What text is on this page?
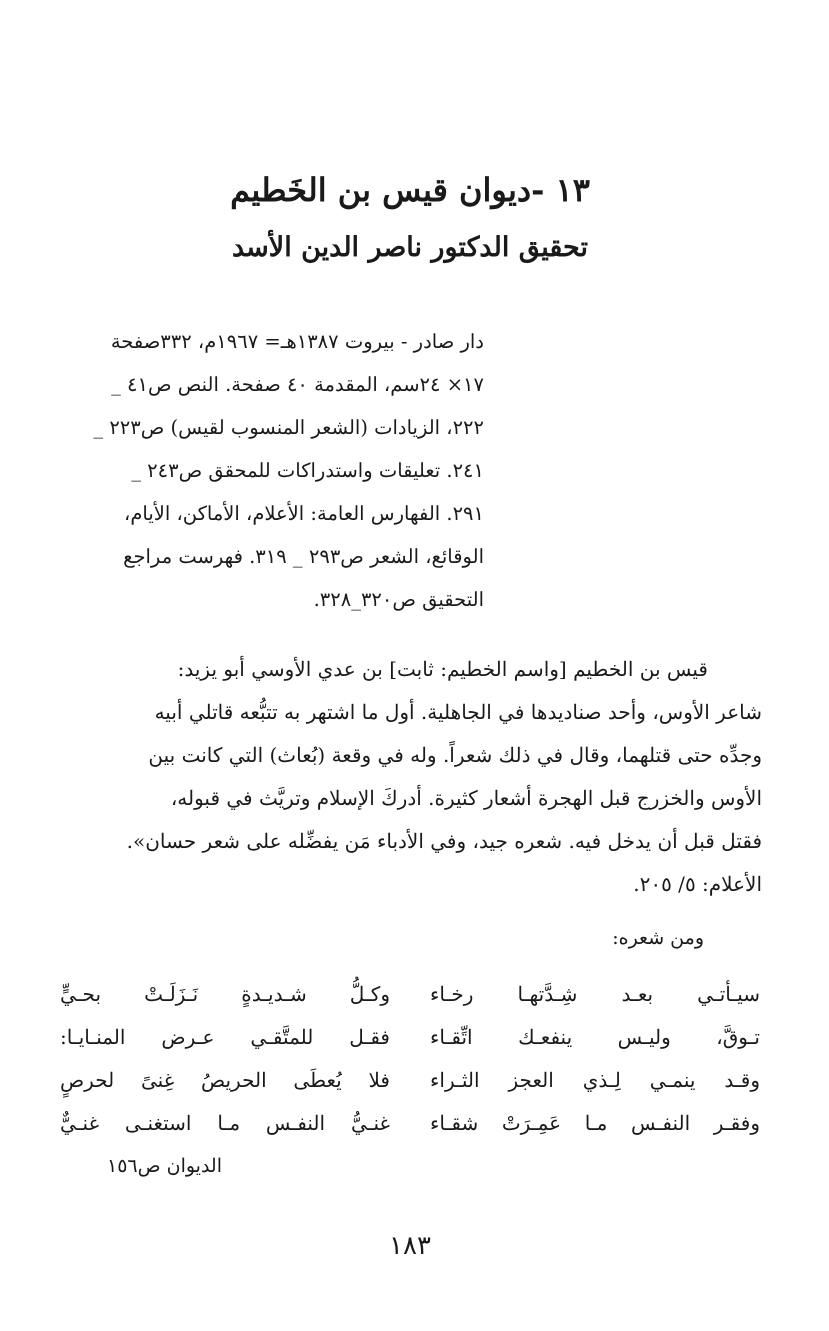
١٣ -ديوان قيس بن الخَطيم
تحقيق الدكتور ناصر الدين الأسد
دار صادر - بيروت ١٣٨٧هـ= ١٩٦٧م، ٣٣٢صفحة
١٧× ٢٤سم، المقدمة ٤٠ صفحة. النص ص٤١ _
٢٢٢، الزيادات (الشعر المنسوب لقيس) ص٢٢٣ _
٢٤١. تعليقات واستدراكات للمحقق ص٢٤٣ _
٢٩١. الفهارس العامة: الأعلام، الأماكن، الأيام،
الوقائع، الشعر ص٢٩٣ _ ٣١٩. فهرست مراجع
التحقيق ص٣٢٠_٣٢٨.
قيس بن الخطيم [واسم الخطيم: ثابت] بن عدي الأوسي أبو يزيد:
شاعر الأوس، وأحد صناديدها في الجاهلية. أول ما اشتهر به تتبُّعه قاتلي أبيه
وجدِّه حتى قتلهما، وقال في ذلك شعراً. وله في وقعة (بُعاث) التي كانت بين
الأوس والخزرج قبل الهجرة أشعار كثيرة. أدركَ الإسلام وتريَّث في قبوله،
فقتل قبل أن يدخل فيه. شعره جيد، وفي الأدباء مَن يفضِّله على شعر حسان».
الأعلام: ٥/ ٢٠٥.
ومن شعره:
وكـلُّ شـديـدةٍ نَـزَلَـتْ بحـيٍّ سيـأتـي بعـد شِـدَّتهـا رخـاء
فقـل للمتَّقـي عـرض المنـايـا: تـوقَّ، وليـس ينفعـك اتِّقـاء
فلا يُعطَى الحريصُ غِنىً لحرصٍ وقـد ينمـي لِـذي العجز الثـراء
غنـيُّ النفـس مـا استغنـى غنـيٌّ وفقـر النفـس مـا عَمِـرَتْ شقـاء
الديوان ص١٥٦
١٨٣
